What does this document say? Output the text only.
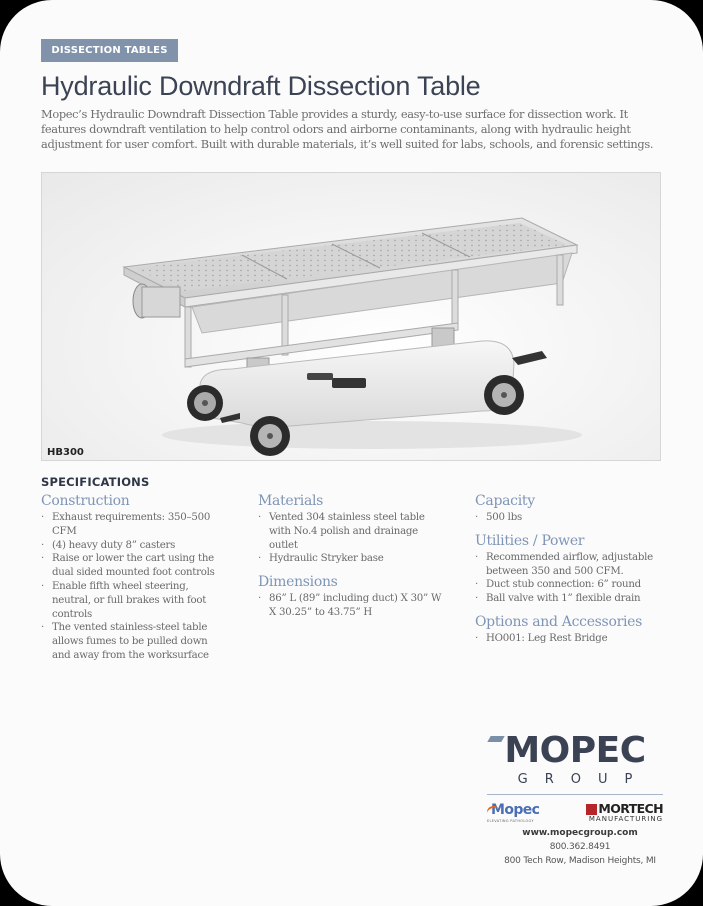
DISSECTION TABLES
Hydraulic Downdraft Dissection Table

Mopec’s Hydraulic Downdraft Dissection Table provides a sturdy, easy-to-use surface for dissection work. It features downdraft ventilation to help control odors and airborne contaminants, along with hydraulic height adjustment for user comfort. Built with durable materials, it’s well suited for labs, schools, and forensic settings.

HB300
SPECIFICATIONS
Construction
· Exhaust requirements: 350–500 CFM
· (4) heavy duty 8” casters
· Raise or lower the cart using the dual sided mounted foot controls
· Enable fifth wheel steering, neutral, or full brakes with foot controls
· The vented stainless-steel table allows fumes to be pulled down and away from the worksurface
Materials
· Vented 304 stainless steel table with No.4 polish and drainage outlet
· Hydraulic Stryker base
Dimensions
· 86” L (89” including duct) X 30” W X 30.25” to 43.75” H
Capacity
· 500 lbs
Utilities / Power
· Recommended airflow, adjustable between 350 and 500 CFM.
· Duct stub connection: 6” round
· Ball valve with 1” flexible drain
Options and Accessories
· HO001: Leg Rest Bridge
MOPEC
GROUP
Mopec
ELEVATING PATHOLOGY
MORTECH
MANUFACTURING
www.mopecgroup.com
800.362.8491
800 Tech Row, Madison Heights, MI
